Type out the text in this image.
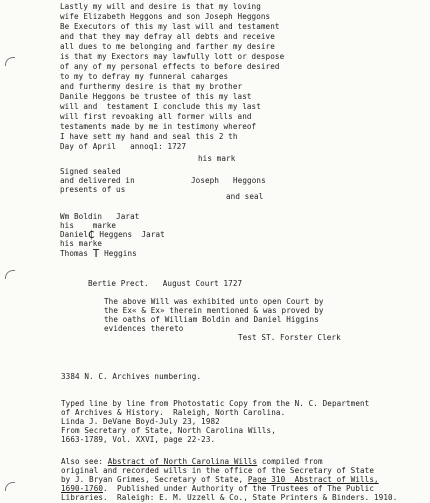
Lastly my will and desire is that my loving
wife Elizabeth Heggons and son Joseph Heggons
Be Executors of this my last will and testament
and that they may defray all debts and receive
all dues to me belonging and farther my desire
is that my Exectors may lawfully lott or despose
of any of my personal effects to before desired
to my to defray my funneral caharges
and furthermy desire is that my brother
Danile Heggons be trustee of this my last
will and  testament I conclude this my last
will first revoaking all former wills and
testaments made by me in testimony whereof
I have sett my hand and seal this 2 th
Day of April   annoq1: 1727
his mark
Signed sealed
and delivered in
presents of us
Joseph   Heggons
and seal
Wm Boldin   Jarat
his    marke
Daniel₵ Heggens  Jarat
his marke
Thomas T Heggins
Bertie Prect.   August Court 1727
The above Will was exhibited unto open Court by
the Ex« & Ex» therein mentioned & was proved by
the oaths of William Boldin and Daniel Higgins
evidences thereto
Test ST. Forster Clerk
3384 N. C. Archives numbering.
Typed line by line from Photostatic Copy from the N. C. Department
of Archives & History.  Raleigh, North Carolina.
Linda J. DeVane Boyd-July 23, 1982
From Secretary of State, North Carolina Wills,
1663-1789, Vol. XXVI, page 22-23.
Also see: Abstract of North Carolina Wills compiled from
original and recorded wills in the office of the Secretary of State
by J. Bryan Grimes, Secretary of State, Page 310  Abstract of Wills,
1690-1760.  Published under Authority of the Trustees of The Public
Libraries.  Raleigh: E. M. Uzzell & Co., State Printers & Binders. 1910.
